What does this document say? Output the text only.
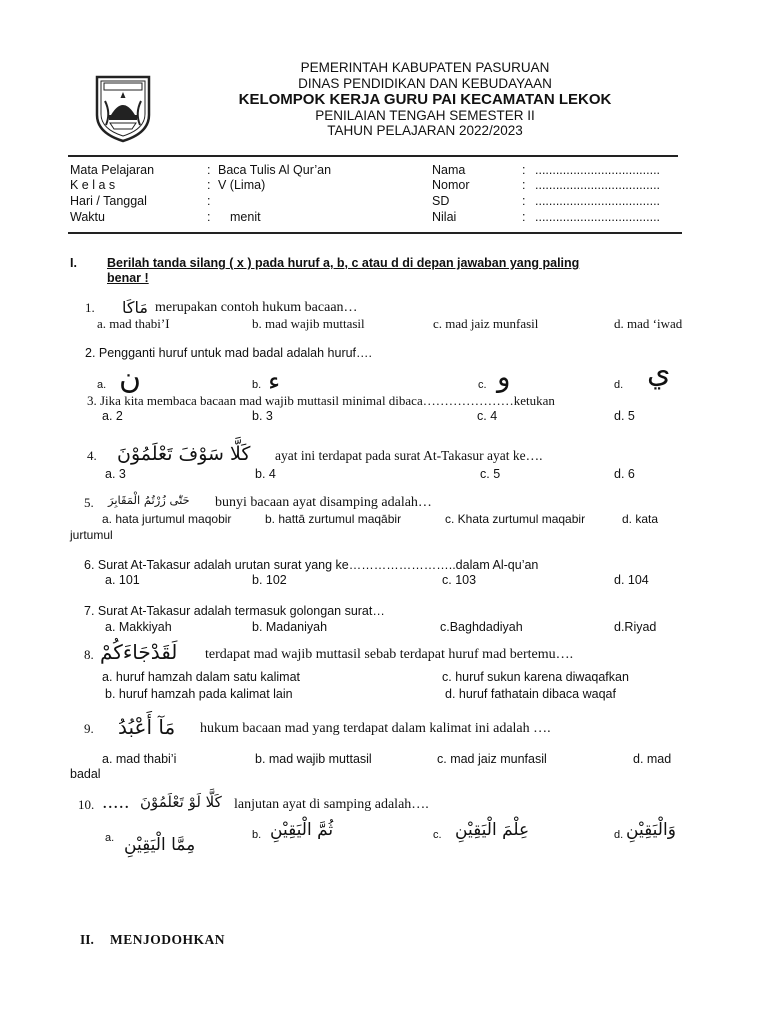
PEMERINTAH KABUPATEN PASURUAN
DINAS PENDIDIKAN DAN KEBUDAYAAN
KELOMPOK KERJA GURU PAI KECAMATAN LEKOK
PENILAIAN TENGAH SEMESTER II
TAHUN PELAJARAN 2022/2023
Mata Pelajaran	: Baca Tulis Al Qur’an	Nama	: ....................................
K e l a s	: V (Lima)	Nomor	: ....................................
Hari / Tanggal	:	SD	: ....................................
Waktu	: menit	Nilai	: ....................................
I. Berilah tanda silang ( x ) pada huruf a, b, c atau d di depan jawaban yang paling
benar !
1. مَاكَا merupakan contoh hukum bacaan…
a. mad thabi’I	b. mad wajib muttasil	c. mad jaiz munfasil	d. mad ‘iwad
2. Pengganti huruf untuk mad badal adalah huruf….
a. ن	b. ء	c. و	d. ي
3. Jika kita membaca bacaan mad wajib muttasil minimal dibaca…………………ketukan
a. 2	b. 3	c. 4	d. 5
4. كَلَّا سَوْفَ تَعْلَمُوْنَ ayat ini terdapat pada surat At-Takasur ayat ke….
a. 3	b. 4	c. 5	d. 6
5. حَتّٰى زُرْتُمُ الْمَقَابِرَ bunyi bacaan ayat disamping adalah…
a. hata jurtumul maqobir	b. hattā zurtumul maqābir	c. Khata zurtumul maqabir	d. kata
jurtumul
6. Surat At-Takasur adalah urutan surat yang ke……………………..dalam Al-qu’an
a. 101	b. 102	c. 103	d. 104
7. Surat At-Takasur adalah termasuk golongan surat…
a. Makkiyah	b. Madaniyah	c.Baghdadiyah	d.Riyad
8. لَقَدْجَاءَكُمْ terdapat mad wajib muttasil sebab terdapat huruf mad bertemu….
a. huruf hamzah dalam satu kalimat
b. huruf hamzah pada kalimat lain
c. huruf sukun karena diwaqafkan
d. huruf fathatain dibaca waqaf
9. مَآ أَعْبُدُ hukum bacaan mad yang terdapat dalam kalimat ini adalah ….
a. mad thabi’i	b. mad wajib muttasil	c. mad jaiz munfasil	d. mad
badal
10. ..... كَلَّا لَوْ تَعْلَمُوْنَ lanjutan ayat di samping adalah….
a. مِمَّا الْيَقِيْنِ	b. ثُمَّ الْيَقِيْنِ	c. عِلْمَ الْيَقِيْنِ	d. وَالْيَقِيْنِ
II. MENJODOHKAN
